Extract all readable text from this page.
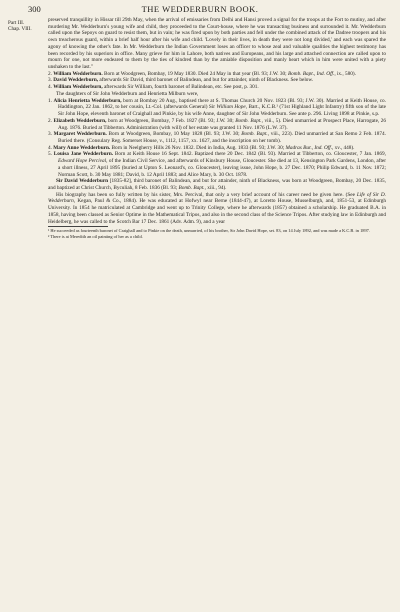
300	THE WEDDERBURN BOOK.
Part III.
Chap. VIII.

preserved tranquillity in Hissar till 29th May, when the arrival of emissaries from Delhi and Hansi proved a signal for the troops at the Fort to mutiny, and after murdering Mr. Wedderburn's young wife and child, they proceeded to the Court-house, where he was transacting business and surrounded it. Mr. Wedderburn called upon the Sepoys on guard to resist them, but in vain; he was fired upon by both parties and fell under the combined attack of the Dadree troopers and his own treacherous guard, within a brief half hour after his wife and child. 'Lovely in their lives, in death they were not long divided,' and each was spared the agony of knowing the other's fate. In Mr. Wedderburn the Indian Government loses an officer to whose zeal and valuable qualities the highest testimony has been recorded by his superiors in office. Many grieve for him in Lahore, both natives and Europeans, and his large and attached connection are called upon to mourn for one, not more endeared to them by the ties of kindred than by the amiable disposition and manly heart which in him were united with a piety unshaken to the last."

2. William Wedderburn. Born at Woodgreen, Bombay, 19 May 1830. Died 24 May in that year (Bl. 93; J.W. 30; Bomb. Bapt., Ind. Off., ix., 580).

3. David Wedderburn, afterwards Sir David, third baronet of Balindean, and but for attainder, ninth of Blackness. See below.

4. William Wedderburn, afterwards Sir William, fourth baronet of Balindean, etc. See post, p. 301.

The daughters of Sir John Wedderburn and Henrietta Milburn were,

1. Alicia Henrietta Wedderburn, born at Bombay 20 Aug., baptised there at S. Thomas Church 20 Nov. 1823 (Bl. 93; J.W. 30). Married at Keith House, co. Haddington, 22 Jan. 1862, to her cousin, Lt.-Col. (afterwards General) Sir William Hope, Bart., K.C.B.¹ (71st Highland Light Infantry) fifth son of the late Sir John Hope, eleventh baronet of Craighall and Pinkie, by his wife Anne, daughter of Sir John Wedderburn. See ante p. 296. Living 1898 at Pinkie, s.p.

2. Elizabeth Wedderburn, born at Woodgreen, Bombay, 7 Feb. 1827 (Bl. 93; J.W. 30; Bomb. Bapt., viii., 5). Died unmarried at Prospect Place, Harrogate, 26 Aug. 1876. Buried at Tibberton. Administration (with will) of her estate was granted 11 Nov. 1876 (L.W. 37).

3. Margaret Wedderburn. Born at Woodgreen, Bombay, 10 May 1828 (Bl. 93; J.W. 30; Bomb. Bapt., viii., 223). Died unmarried at San Remo 2 Feb. 1874. Buried there. (Consulary Reg. Somerset House, v., 1112, 1157, xx. 1627, and the inscription on her tomb).

4. Mary Anne Wedderburn. Born in Neelgherry Hills 26 Nov. 1832. Died in India, Aug. 1833 (Bl. 93; J.W. 30; Madras Bur., Ind. Off., xv., 448).

5. Louisa Jane Wedderburn. Born at Keith House 16 Sept. 1842. Baptized there 20 Dec. 1842 (Bl. 93). Married at Tibberton, co. Gloucester, 7 Jan. 1869, Edward Hope Percival, of the Indian Civil Service, and afterwards of Kinsbury House, Gloucester. She died at 13, Kensington Park Gardens, London, after a short illness, 27 April 1895 (buried at Upton S. Leonard's, co. Gloucester), leaving issue, John Hope, b. 27 Dec. 1870; Philip Edward, b. 11 Nov. 1872; Norman Scott, b. 30 May 1881; David, b. 12 April 1883; and Alice Mary, b. 30 Oct. 1878.

Sir David Wedderburn [1835-82], third baronet of Balindean, and but for attainder, ninth of Blackness, was born at Woodgreen, Bombay, 20 Dec. 1835, and baptized at Christ Church, Byculiah, 8 Feb. 1836 (Bl. 93; Bomb. Bapt., xiii., 94).

His biography has been so fully written by his sister, Mrs. Percival, that only a very brief account of his career need be given here. (See Life of Sir D. Wedderburn, Kegan, Paul & Co., 1884). He was educated at Hofwyl near Berne (1844-47), at Loretto House, Musselburgh, and, 1851-53, at Edinburgh University. In 1854 he matriculated at Cambridge and went up to Trinity College, where he afterwards (1857) obtained a scholarship. He graduated B.A. in 1858, having been classed as Senior Optime in the Mathematical Tripos, and also in the second class of the Science Tripos. After studying law in Edinburgh and Heidelberg, he was called to the Scotch Bar 17 Dec. 1861 (Adv. Adm. 9), and a year

¹ He succeeded as fourteenth baronet of Craighall and to Pinkie on the death, unmarried, of his brother, Sir John David Hope, set. 83, on 14 July 1892, and was made a K.C.B. in 1897.

² There is at Meredith an oil painting of her as a child.
